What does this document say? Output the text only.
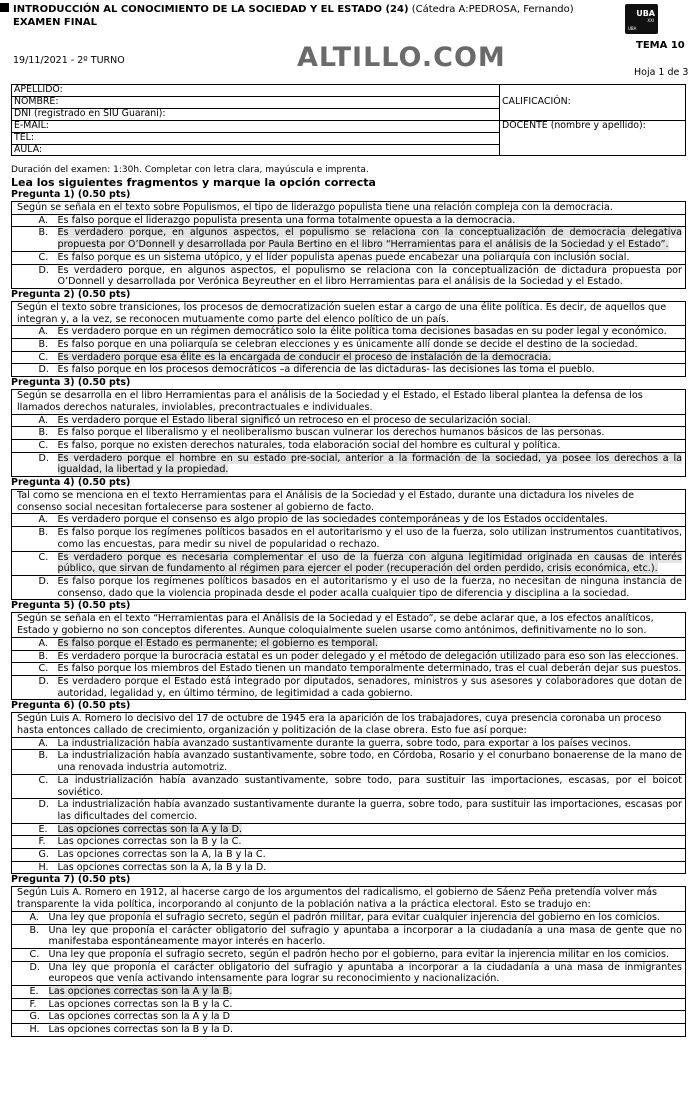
INTRODUCCIÓN AL CONOCIMIENTO DE LA SOCIEDAD Y EL ESTADO (24) (Cátedra A:PEDROSA, Fernando)
EXAMEN FINAL
UBA
XXI
UBA
TEMA 10
19/11/2021 - 2º TURNO	ALTILLO.COM	Hoja 1 de 3
APELLIDO:	CALIFICACIÓN:
NOMBRE:	
DNI (registrado en SIU Guaraní):	
E-MAIL:	DOCENTE (nombre y apellido):
TEL:	
AULA:	
Duración del examen: 1:30h. Completar con letra clara, mayúscula e imprenta.
Lea los siguientes fragmentos y marque la opción correcta
Pregunta 1) (0.50 pts)
Según se señala en el texto sobre Populismos, el tipo de liderazgo populista tiene una relación compleja con la democracia.		
	A.	Es falso porque el liderazgo populista presenta una forma totalmente opuesta a la democracia.
	B.	Es verdadero porque, en algunos aspectos, el populismo se relaciona con la conceptualización de democracia delegativa propuesta por O’Donnell y desarrollada por Paula Bertino en el libro “Herramientas para el análisis de la Sociedad y el Estado”.
	C.	Es falso porque es un sistema utópico, y el líder populista apenas puede encabezar una poliarquía con inclusión social.
	D.	Es verdadero porque, en algunos aspectos, el populismo se relaciona con la conceptualización de dictadura propuesta por O’Donnell y desarrollada por Verónica Beyreuther en el libro Herramientas para el análisis de la Sociedad y el Estado.
Pregunta 2) (0.50 pts)
Según el texto sobre transiciones, los procesos de democratización suelen estar a cargo de una élite política. Es decir, de aquellos que integran y, a la vez, se reconocen mutuamente como parte del elenco político de un país.		
	A.	Es verdadero porque en un régimen democrático solo la élite política toma decisiones basadas en su poder legal y económico.
	B.	Es falso porque en una poliarquía se celebran elecciones y es únicamente allí donde se decide el destino de la sociedad.
	C.	Es verdadero porque esa élite es la encargada de conducir el proceso de instalación de la democracia.
	D.	Es falso porque en los procesos democráticos –a diferencia de las dictaduras- las decisiones las toma el pueblo.
Pregunta 3) (0.50 pts)
Según se desarrolla en el libro Herramientas para el análisis de la Sociedad y el Estado, el Estado liberal plantea la defensa de los llamados derechos naturales, inviolables, precontractuales e individuales.		
	A.	Es verdadero porque el Estado liberal significó un retroceso en el proceso de secularización social.
	B.	Es falso porque el liberalismo y el neoliberalismo buscan vulnerar los derechos humanos básicos de las personas.
	C.	Es falso, porque no existen derechos naturales, toda elaboración social del hombre es cultural y política.
	D.	Es verdadero porque el hombre en su estado pre-social, anterior a la formación de la sociedad, ya posee los derechos a la igualdad, la libertad y la propiedad.
Pregunta 4) (0.50 pts)
Tal como se menciona en el texto Herramientas para el Análisis de la Sociedad y el Estado, durante una dictadura los niveles de consenso social necesitan fortalecerse para sostener al gobierno de facto.		
	A.	Es verdadero porque el consenso es algo propio de las sociedades contemporáneas y de los Estados occidentales.
	B.	Es falso porque los regímenes políticos basados en el autoritarismo y el uso de la fuerza, solo utilizan instrumentos cuantitativos, como las encuestas, para medir su nivel de popularidad o rechazo.
	C.	Es verdadero porque es necesaria complementar el uso de la fuerza con alguna legitimidad originada en causas de interés público, que sirvan de fundamento al régimen para ejercer el poder (recuperación del orden perdido, crisis económica, etc.).
	D.	Es falso porque los regímenes políticos basados en el autoritarismo y el uso de la fuerza, no necesitan de ninguna instancia de consenso, dado que la violencia propinada desde el poder acalla cualquier tipo de diferencia y disciplina a la sociedad.
Pregunta 5) (0.50 pts)
Según se señala en el texto “Herramientas para el Análisis de la Sociedad y el Estado”, se debe aclarar que, a los efectos analíticos, Estado y gobierno no son conceptos diferentes. Aunque coloquialmente suelen usarse como antónimos, definitivamente no lo son.		
	A.	Es falso porque el Estado es permanente; el gobierno es temporal.
	B.	Es verdadero porque la burocracia estatal es un poder delegado y el método de delegación utilizado para eso son las elecciones.
	C.	Es falso porque los miembros del Estado tienen un mandato temporalmente determinado, tras el cual deberán dejar sus puestos.
	D.	Es verdadero porque el Estado está integrado por diputados, senadores, ministros y sus asesores y colaboradores que dotan de autoridad, legalidad y, en último término, de legitimidad a cada gobierno.
Pregunta 6) (0.50 pts)
Según Luis A. Romero lo decisivo del 17 de octubre de 1945 era la aparición de los trabajadores, cuya presencia coronaba un proceso hasta entonces callado de crecimiento, organización y politización de la clase obrera. Esto fue así porque:		
	A.	La industrialización había avanzado sustantivamente durante la guerra, sobre todo, para exportar a los países vecinos.
	B.	La industrialización había avanzado sustantivamente, sobre todo, en Córdoba, Rosario y el conurbano bonaerense de la mano de una renovada industria automotriz.
	C.	La industrialización había avanzado sustantivamente, sobre todo, para sustituir las importaciones, escasas, por el boicot soviético.
	D.	La industrialización había avanzado sustantivamente durante la guerra, sobre todo, para sustituir las importaciones, escasas por las dificultades del comercio.
	E.	Las opciones correctas son la A y la D.
	F.	Las opciones correctas son la B y la C.
	G.	Las opciones correctas son la A, la B y la C.
	H.	Las opciones correctas son la A, la B y la D.
Pregunta 7) (0.50 pts)
Según Luis A. Romero en 1912, al hacerse cargo de los argumentos del radicalismo, el gobierno de Sáenz Peña pretendía volver más transparente la vida política, incorporando al conjunto de la población nativa a la práctica electoral. Esto se tradujo en:		
	A.	Una ley que proponía el sufragio secreto, según el padrón militar, para evitar cualquier injerencia del gobierno en los comicios.
	B.	Una ley que proponía el carácter obligatorio del sufragio y apuntaba a incorporar a la ciudadanía a una masa de gente que no manifestaba espontáneamente mayor interés en hacerlo.
	C.	Una ley que proponía el sufragio secreto, según el padrón hecho por el gobierno, para evitar la injerencia militar en los comicios.
	D.	Una ley que proponía el carácter obligatorio del sufragio y apuntaba a incorporar a la ciudadanía a una masa de inmigrantes europeos que venía activando intensamente para lograr su reconocimiento y nacionalización.
	E.	Las opciones correctas son la A y la B.
	F.	Las opciones correctas son la B y la C.
	G.	Las opciones correctas son la A y la D
	H.	Las opciones correctas son la B y la D.
